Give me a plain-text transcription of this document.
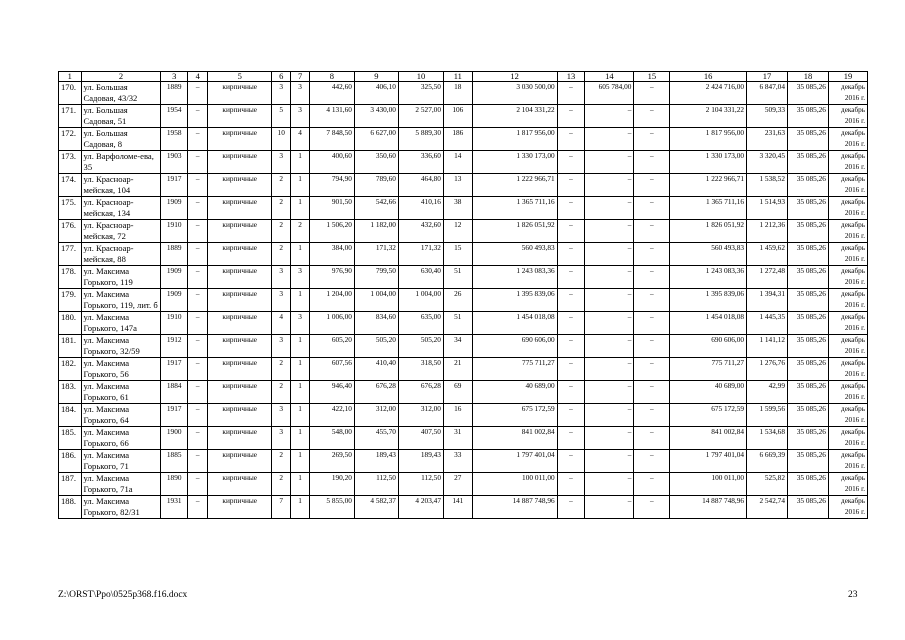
1	2	3	4	5	6	7	8	9	10	11	12	13	14	15	16	17	18	19
170.	ул. Большая Садовая, 43/32	1889	–	кирпичные	3	3	442,60	406,10	325,50	18	3 030 500,00	–	605 784,00	–	2 424 716,00	6 847,04	35 085,26	декабрь 2016 г.
171.	ул. Большая Садовая, 51	1954	–	кирпичные	5	3	4 131,60	3 430,00	2 527,00	106	2 104 331,22	–	–	–	2 104 331,22	509,33	35 085,26	декабрь 2016 г.
172.	ул. Большая Садовая, 8	1958	–	кирпичные	10	4	7 848,50	6 627,00	5 889,30	186	1 817 956,00	–	–	–	1 817 956,00	231,63	35 085,26	декабрь 2016 г.
173.	ул. Варфоломе-ева, 35	1903	–	кирпичные	3	1	400,60	350,60	336,60	14	1 330 173,00	–	–	–	1 330 173,00	3 320,45	35 085,26	декабрь 2016 г.
174.	ул. Красноар-мейская, 104	1917	–	кирпичные	2	1	794,90	789,60	464,80	13	1 222 966,71	–	–	–	1 222 966,71	1 538,52	35 085,26	декабрь 2016 г.
175.	ул. Красноар-мейская, 134	1909	–	кирпичные	2	1	901,50	542,66	410,16	38	1 365 711,16	–	–	–	1 365 711,16	1 514,93	35 085,26	декабрь 2016 г.
176.	ул. Красноар-мейская, 72	1910	–	кирпичные	2	2	1 506,20	1 182,00	432,60	12	1 826 051,92	–	–	–	1 826 051,92	1 212,36	35 085,26	декабрь 2016 г.
177.	ул. Красноар-мейская, 88	1889	–	кирпичные	2	1	384,00	171,32	171,32	15	560 493,83	–	–	–	560 493,83	1 459,62	35 085,26	декабрь 2016 г.
178.	ул. Максима Горького, 119	1909	–	кирпичные	3	3	976,90	799,50	630,40	51	1 243 083,36	–	–	–	1 243 083,36	1 272,48	35 085,26	декабрь 2016 г.
179.	ул. Максима Горького, 119, лит. б	1909	–	кирпичные	3	1	1 204,00	1 004,00	1 004,00	26	1 395 839,06	–	–	–	1 395 839,06	1 394,31	35 085,26	декабрь 2016 г.
180.	ул. Максима Горького, 147а	1910	–	кирпичные	4	3	1 006,00	834,60	635,00	51	1 454 018,08	–	–	–	1 454 018,08	1 445,35	35 085,26	декабрь 2016 г.
181.	ул. Максима Горького, 32/59	1912	–	кирпичные	3	1	605,20	505,20	505,20	34	690 606,00	–	–	–	690 606,00	1 141,12	35 085,26	декабрь 2016 г.
182.	ул. Максима Горького, 56	1917	–	кирпичные	2	1	607,56	410,40	318,50	21	775 711,27	–	–	–	775 711,27	1 276,76	35 085,26	декабрь 2016 г.
183.	ул. Максима Горького, 61	1884	–	кирпичные	2	1	946,40	676,28	676,28	69	40 689,00	–	–	–	40 689,00	42,99	35 085,26	декабрь 2016 г.
184.	ул. Максима Горького, 64	1917	–	кирпичные	3	1	422,10	312,00	312,00	16	675 172,59	–	–	–	675 172,59	1 599,56	35 085,26	декабрь 2016 г.
185.	ул. Максима Горького, 66	1900	–	кирпичные	3	1	548,00	455,70	407,50	31	841 002,84	–	–	–	841 002,84	1 534,68	35 085,26	декабрь 2016 г.
186.	ул. Максима Горького, 71	1885	–	кирпичные	2	1	269,50	189,43	189,43	33	1 797 401,04	–	–	–	1 797 401,04	6 669,39	35 085,26	декабрь 2016 г.
187.	ул. Максима Горького, 71а	1890	–	кирпичные	2	1	190,20	112,50	112,50	27	100 011,00	–	–	–	100 011,00	525,82	35 085,26	декабрь 2016 г.
188.	ул. Максима Горького, 82/31	1931	–	кирпичные	7	1	5 855,00	4 582,37	4 203,47	141	14 887 748,96	–	–	–	14 887 748,96	2 542,74	35 085,26	декабрь 2016 г.
Z:\ORST\Ppo\0525p368.f16.docx	23
